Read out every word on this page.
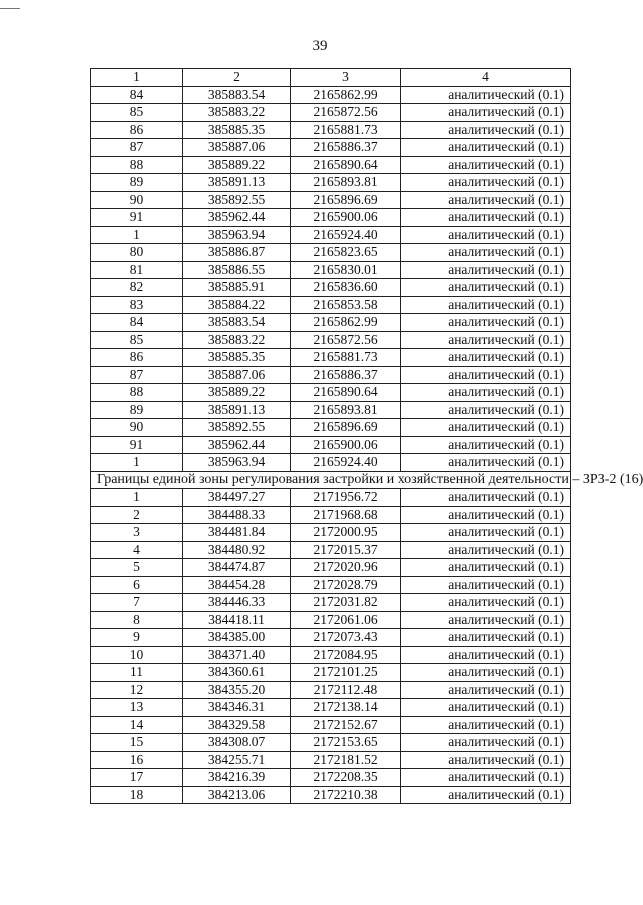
39
1	2	3	4
84	385883.54	2165862.99	аналитический (0.1)
85	385883.22	2165872.56	аналитический (0.1)
86	385885.35	2165881.73	аналитический (0.1)
87	385887.06	2165886.37	аналитический (0.1)
88	385889.22	2165890.64	аналитический (0.1)
89	385891.13	2165893.81	аналитический (0.1)
90	385892.55	2165896.69	аналитический (0.1)
91	385962.44	2165900.06	аналитический (0.1)
1	385963.94	2165924.40	аналитический (0.1)
80	385886.87	2165823.65	аналитический (0.1)
81	385886.55	2165830.01	аналитический (0.1)
82	385885.91	2165836.60	аналитический (0.1)
83	385884.22	2165853.58	аналитический (0.1)
84	385883.54	2165862.99	аналитический (0.1)
85	385883.22	2165872.56	аналитический (0.1)
86	385885.35	2165881.73	аналитический (0.1)
87	385887.06	2165886.37	аналитический (0.1)
88	385889.22	2165890.64	аналитический (0.1)
89	385891.13	2165893.81	аналитический (0.1)
90	385892.55	2165896.69	аналитический (0.1)
91	385962.44	2165900.06	аналитический (0.1)
1	385963.94	2165924.40	аналитический (0.1)
Границы единой зоны регулирования застройки и хозяйственной деятельности – ЗРЗ-2 (16)			
1	384497.27	2171956.72	аналитический (0.1)
2	384488.33	2171968.68	аналитический (0.1)
3	384481.84	2172000.95	аналитический (0.1)
4	384480.92	2172015.37	аналитический (0.1)
5	384474.87	2172020.96	аналитический (0.1)
6	384454.28	2172028.79	аналитический (0.1)
7	384446.33	2172031.82	аналитический (0.1)
8	384418.11	2172061.06	аналитический (0.1)
9	384385.00	2172073.43	аналитический (0.1)
10	384371.40	2172084.95	аналитический (0.1)
11	384360.61	2172101.25	аналитический (0.1)
12	384355.20	2172112.48	аналитический (0.1)
13	384346.31	2172138.14	аналитический (0.1)
14	384329.58	2172152.67	аналитический (0.1)
15	384308.07	2172153.65	аналитический (0.1)
16	384255.71	2172181.52	аналитический (0.1)
17	384216.39	2172208.35	аналитический (0.1)
18	384213.06	2172210.38	аналитический (0.1)
